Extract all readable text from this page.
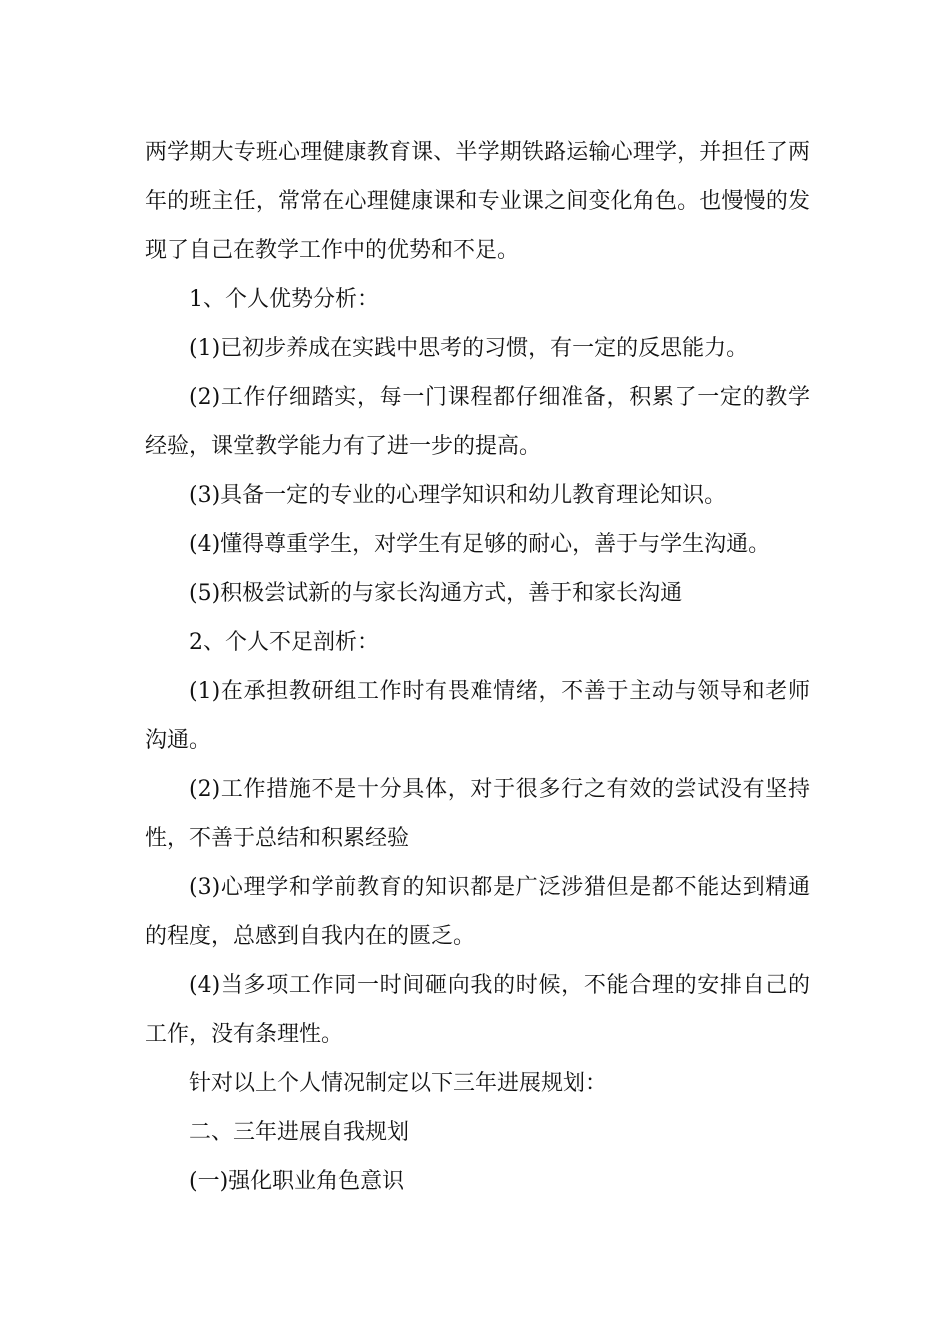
两学期大专班心理健康教育课、半学期铁路运输心理学，并担任了两年的班主任，常常在心理健康课和专业课之间变化角色。也慢慢的发现了自己在教学工作中的优势和不足。

1、个人优势分析：

(1)已初步养成在实践中思考的习惯，有一定的反思能力。

(2)工作仔细踏实，每一门课程都仔细准备，积累了一定的教学经验，课堂教学能力有了进一步的提高。

(3)具备一定的专业的心理学知识和幼儿教育理论知识。

(4)懂得尊重学生，对学生有足够的耐心，善于与学生沟通。

(5)积极尝试新的与家长沟通方式，善于和家长沟通

2、个人不足剖析：

(1)在承担教研组工作时有畏难情绪，不善于主动与领导和老师沟通。

(2)工作措施不是十分具体，对于很多行之有效的尝试没有坚持性，不善于总结和积累经验

(3)心理学和学前教育的知识都是广泛涉猎但是都不能达到精通的程度，总感到自我内在的匮乏。

(4)当多项工作同一时间砸向我的时候，不能合理的安排自己的工作，没有条理性。

针对以上个人情况制定以下三年进展规划：

二、三年进展自我规划

(一)强化职业角色意识
